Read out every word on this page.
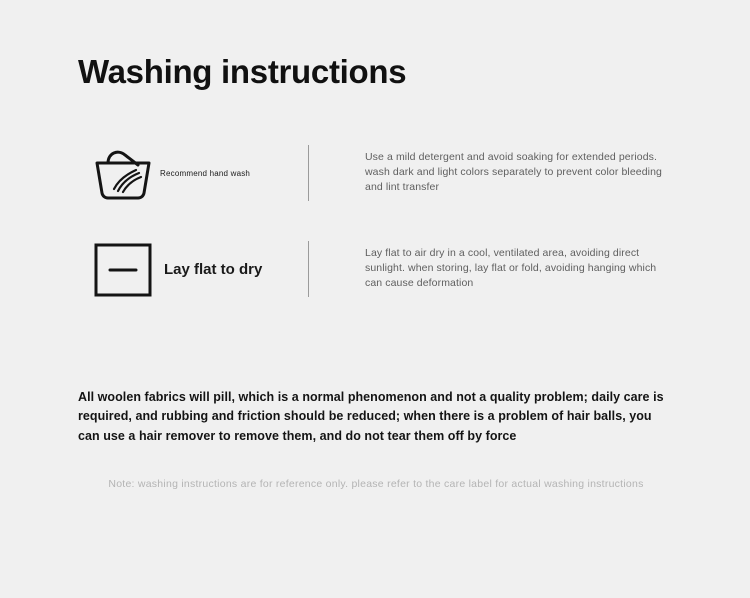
Washing instructions
Recommend hand wash
Use a mild detergent and avoid soaking for extended periods. wash dark and light colors separately to prevent color bleeding and lint transfer
Lay flat to dry
Lay flat to air dry in a cool, ventilated area, avoiding direct sunlight. when storing, lay flat or fold, avoiding hanging which can cause deformation
All woolen fabrics will pill, which is a normal phenomenon and not a quality problem; daily care is required, and rubbing and friction should be reduced; when there is a problem of hair balls, you can use a hair remover to remove them, and do not tear them off by force
Note: washing instructions are for reference only. please refer to the care label for actual washing instructions
